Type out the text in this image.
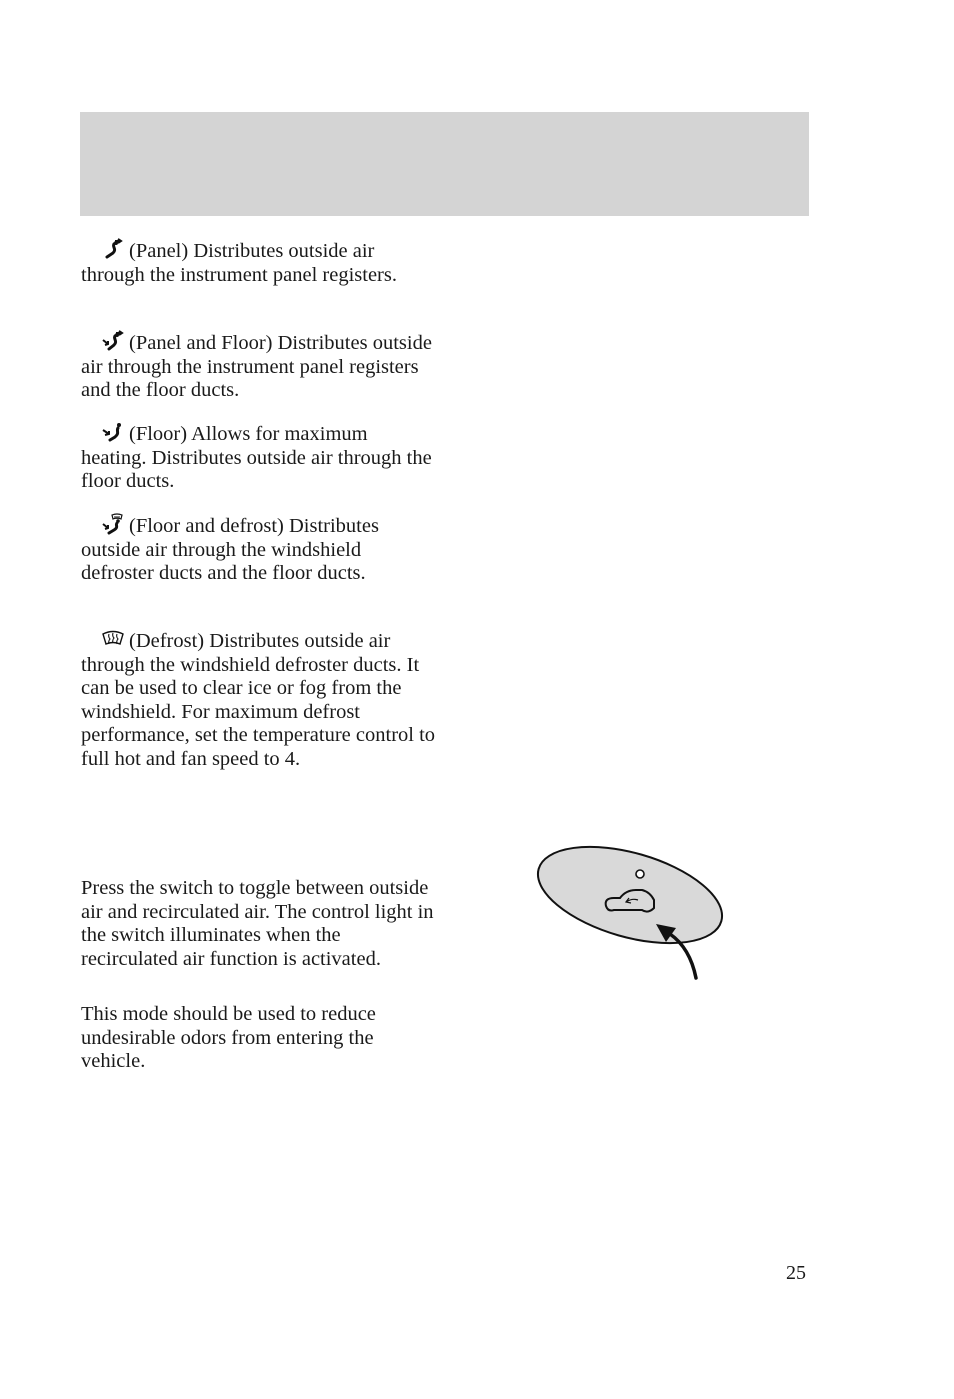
(Panel) Distributes outside air through the instrument panel registers.

(Panel and Floor) Distributes outside air through the instrument panel registers and the floor ducts.

(Floor) Allows for maximum heating. Distributes outside air through the floor ducts.

(Floor and defrost) Distributes outside air through the windshield defroster ducts and the floor ducts.

(Defrost) Distributes outside air through the windshield defroster ducts. It can be used to clear ice or fog from the windshield. For maximum defrost performance, set the temperature control to full hot and fan speed to 4.

Press the switch to toggle between outside air and recirculated air. The control light in the switch illuminates when the recirculated air function is activated.

This mode should be used to reduce undesirable odors from entering the vehicle.

25
